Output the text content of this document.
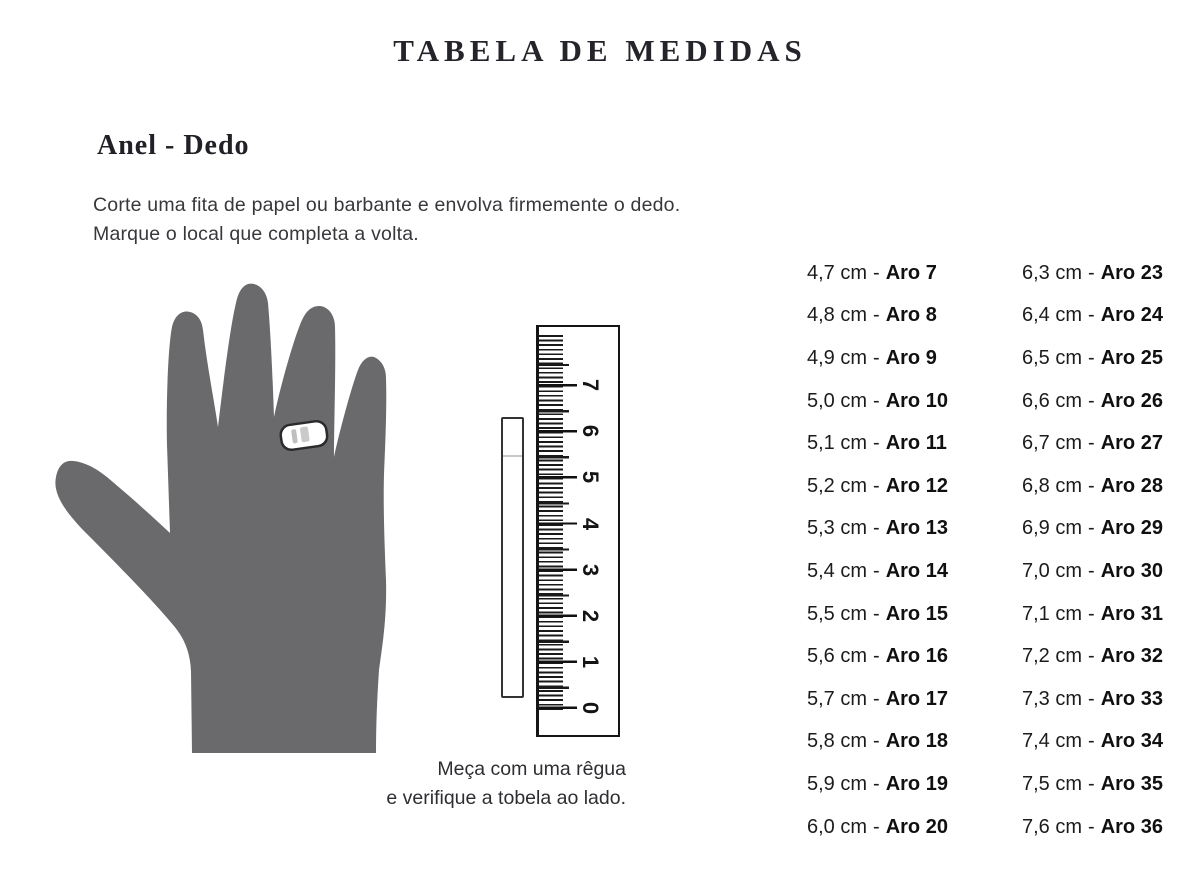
TABELA DE MEDIDAS
Anel - Dedo

Corte uma fita de papel ou barbante e envolva firmemente o dedo.
Marque o local que completa a volta.

0
1
2
3
4
5
6
7

Meça com uma rêgua
e verifique a tobela ao lado.

4,7 cm - Aro 7
4,8 cm - Aro 8
4,9 cm - Aro 9
5,0 cm - Aro 10
5,1 cm - Aro 11
5,2 cm - Aro 12
5,3 cm - Aro 13
5,4 cm - Aro 14
5,5 cm - Aro 15
5,6 cm - Aro 16
5,7 cm - Aro 17
5,8 cm - Aro 18
5,9 cm - Aro 19
6,0 cm - Aro 20
6,3 cm - Aro 23
6,4 cm - Aro 24
6,5 cm - Aro 25
6,6 cm - Aro 26
6,7 cm - Aro 27
6,8 cm - Aro 28
6,9 cm - Aro 29
7,0 cm - Aro 30
7,1 cm - Aro 31
7,2 cm - Aro 32
7,3 cm - Aro 33
7,4 cm - Aro 34
7,5 cm - Aro 35
7,6 cm - Aro 36
